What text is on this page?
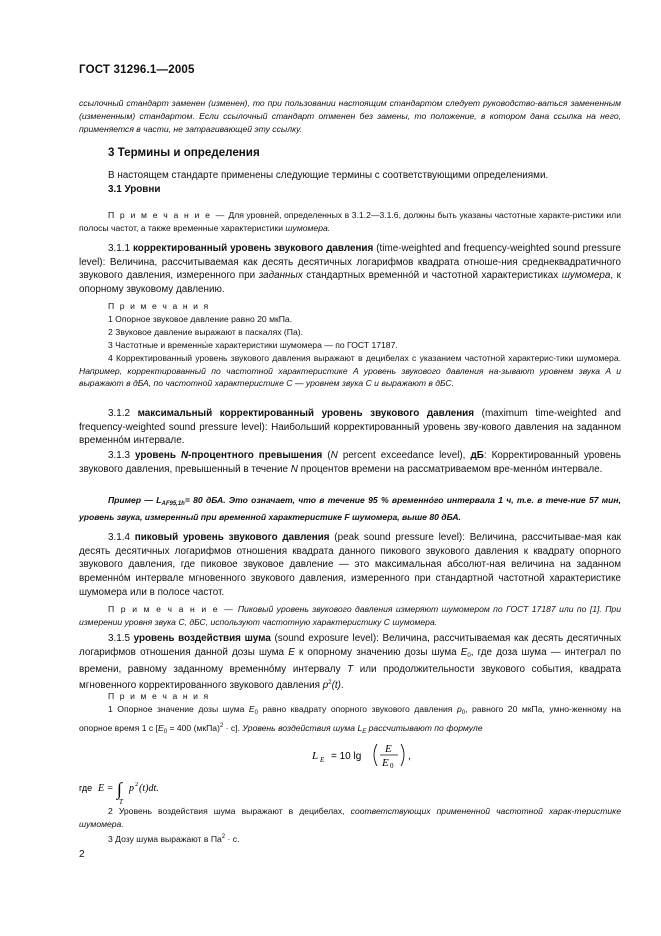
ГОСТ 31296.1—2005
ссылочный стандарт заменен (изменен), то при пользовании настоящим стандартом следует руководство-ваться замененным (измененным) стандартом. Если ссылочный стандарт отменен без замены, то положение, в котором дана ссылка на него, применяется в части, не затрагивающей эту ссылку.
3 Термины и определения
В настоящем стандарте применены следующие термины с соответствующими определениями.
3.1 Уровни
П р и м е ч а н и е — Для уровней, определенных в 3.1.2—3.1.6, должны быть указаны частотные характе-ристики или полосы частот, а также временные характеристики шумомера.
3.1.1 корректированный уровень звукового давления (time-weighted and frequency-weighted sound pressure level): Величина, рассчитываемая как десять десятичных логарифмов квадрата отноше-ния среднеквадратичного звукового давления, измеренного при заданных стандартных временно́й и частотной характеристиках шумомера, к опорному звуковому давлению.
П р и м е ч а н и я
1 Опорное звуковое давление равно 20 мкПа.
2 Звуковое давление выражают в паскалях (Па).
3 Частотные и временны́е характеристики шумомера — по ГОСТ 17187.
4 Корректированный уровень звукового давления выражают в децибелах с указанием частотной характерис-тики шумомера. Например, корректированный по частотной характеристике A уровень звукового давления на-зывают уровнем звука A и выражают в дБА, по частотной характеристике C — уровнем звука C и выражают в дБС.
3.1.2 максимальный корректированный уровень звукового давления (maximum time-weighted and frequency-weighted sound pressure level): Наибольший корректированный уровень зву-кового давления на заданном временно́м интервале.
3.1.3 уровень N-процентного превышения (N percent exceedance level), дБ: Корректированный уровень звукового давления, превышенный в течение N процентов времени на рассматриваемом вре-менно́м интервале.
Пример — $L_{AF95,1h}= 80$ дБА. Это означает, что в течение 95 % временно́го интервала 1 ч, т.е. в тече-ние 57 мин, уровень звука, измеренный при временной характеристике F шумомера, выше 80 дБА.
3.1.4 пиковый уровень звукового давления (peak sound pressure level): Величина, рассчитывае-мая как десять десятичных логарифмов отношения квадрата данного пикового звукового давления к квадрату опорного звукового давления, где пиковое звуковое давление — это максимальная абсолют-ная величина на заданном временно́м интервале мгновенного звукового давления, измеренного при стандартной частотной характеристике шумомера или в полосе частот.
П р и м е ч а н и е — Пиковый уровень звукового давления измеряют шумомером по ГОСТ 17187 или по [1]. При измерении уровня звука С, дБС, используют частотную характеристику С шумомера.
3.1.5 уровень воздействия шума (sound exposure level): Величина, рассчитываемая как десять десятичных логарифмов отношения данной дозы шума E к опорному значению дозы шума $E_0$, где доза шума — интеграл по времени, равному заданному временно́му интервалу T или продолжительности звукового события, квадрата мгновенного корректированного звукового давления $p^2(t)$.
П р и м е ч а н и я
1 Опорное значение дозы шума $E_0$ равно квадрату опорного звукового давления $p_0$, равного 20 мкПа, умно-женному на опорное время 1 с [$E_0 = 400$ (мкПа)$^2$ · с]. Уровень воздействия шума $L_E$ рассчитывают по формуле
L E = 10 lg
E
E 0
,
где E = ∫
T
p 2 (t)dt.
2 Уровень воздействия шума выражают в децибелах, соответствующих примененной частотной харак-теристике шумомера.
3 Дозу шума выражают в $Па^2 \cdot с$.
2
